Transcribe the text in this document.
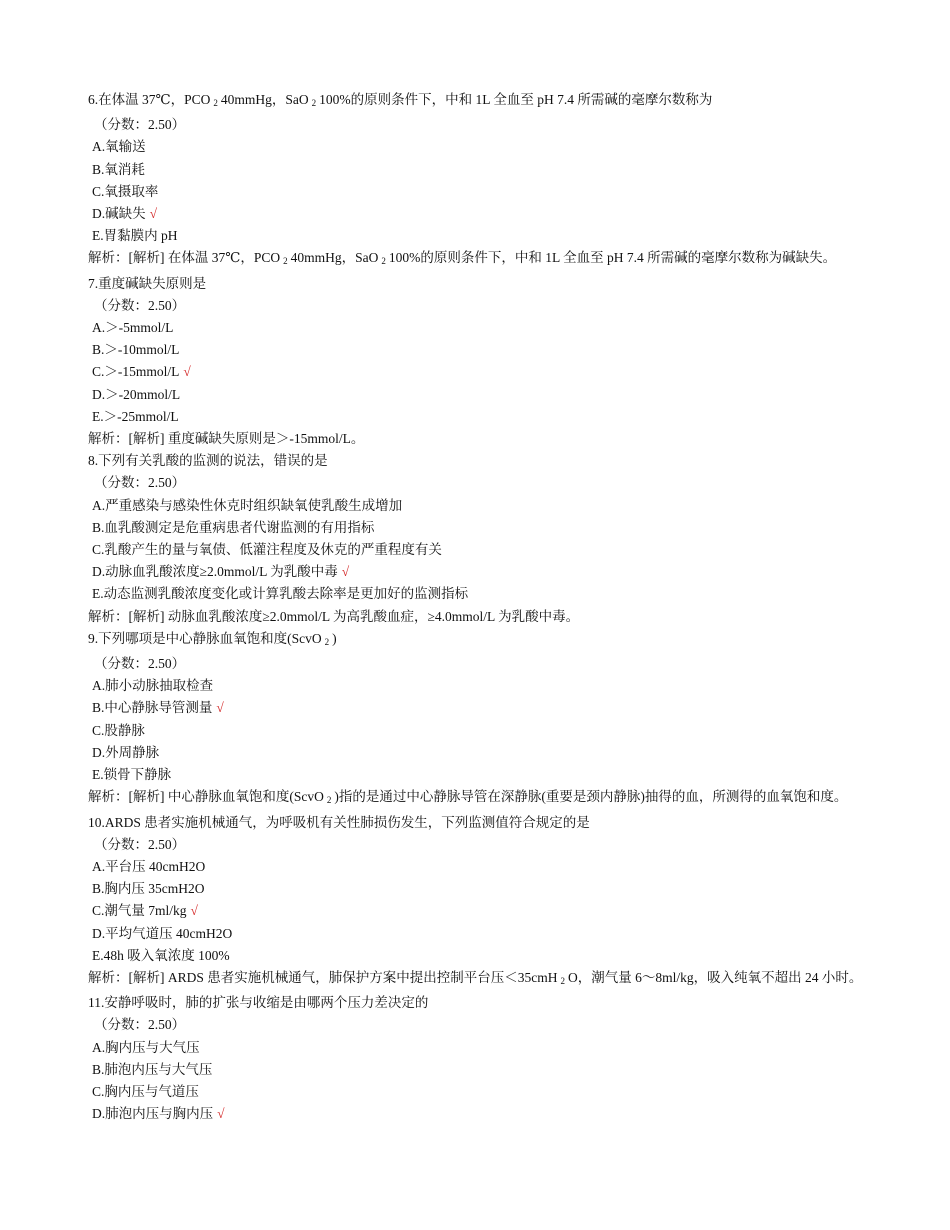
6.在体温 37℃，PCO $_2$ 40mmHg，SaO $_2$ 100%的原则条件下，中和 1L 全血至 pH 7.4 所需碱的毫摩尔数称为
（分数：2.50）
A.氧输送
B.氧消耗
C.氧摄取率
D.碱缺失 √
E.胃黏膜内 pH
解析：[解析] 在体温 37℃，PCO $_2$ 40mmHg，SaO $_2$ 100%的原则条件下，中和 1L 全血至 pH 7.4 所需碱的毫摩尔数称为碱缺失。
7.重度碱缺失原则是
（分数：2.50）
A.＞-5mmol/L
B.＞-10mmol/L
C.＞-15mmol/L √
D.＞-20mmol/L
E.＞-25mmol/L
解析：[解析] 重度碱缺失原则是＞-15mmol/L。
8.下列有关乳酸的监测的说法，错误的是
（分数：2.50）
A.严重感染与感染性休克时组织缺氧使乳酸生成增加
B.血乳酸测定是危重病患者代谢监测的有用指标
C.乳酸产生的量与氧债、低灌注程度及休克的严重程度有关
D.动脉血乳酸浓度≥2.0mmol/L 为乳酸中毒 √
E.动态监测乳酸浓度变化或计算乳酸去除率是更加好的监测指标
解析：[解析] 动脉血乳酸浓度≥2.0mmol/L 为高乳酸血症，≥4.0mmol/L 为乳酸中毒。
9.下列哪项是中心静脉血氧饱和度(ScvO $_2$ )
（分数：2.50）
A.肺小动脉抽取检查
B.中心静脉导管测量 √
C.股静脉
D.外周静脉
E.锁骨下静脉
解析：[解析] 中心静脉血氧饱和度(ScvO $_2$ )指的是通过中心静脉导管在深静脉(重要是颈内静脉)抽得的血，所测得的血氧饱和度。
10.ARDS 患者实施机械通气，为呼吸机有关性肺损伤发生，下列监测值符合规定的是
（分数：2.50）
A.平台压 40cmH2O
B.胸内压 35cmH2O
C.潮气量 7ml/kg √
D.平均气道压 40cmH2O
E.48h 吸入氧浓度 100%
解析：[解析] ARDS 患者实施机械通气，肺保护方案中提出控制平台压＜35cmH $_2$ O，潮气量 6～8ml/kg，吸入纯氧不超出 24 小时。
11.安静呼吸时，肺的扩张与收缩是由哪两个压力差决定的
（分数：2.50）
A.胸内压与大气压
B.肺泡内压与大气压
C.胸内压与气道压
D.肺泡内压与胸内压 √
